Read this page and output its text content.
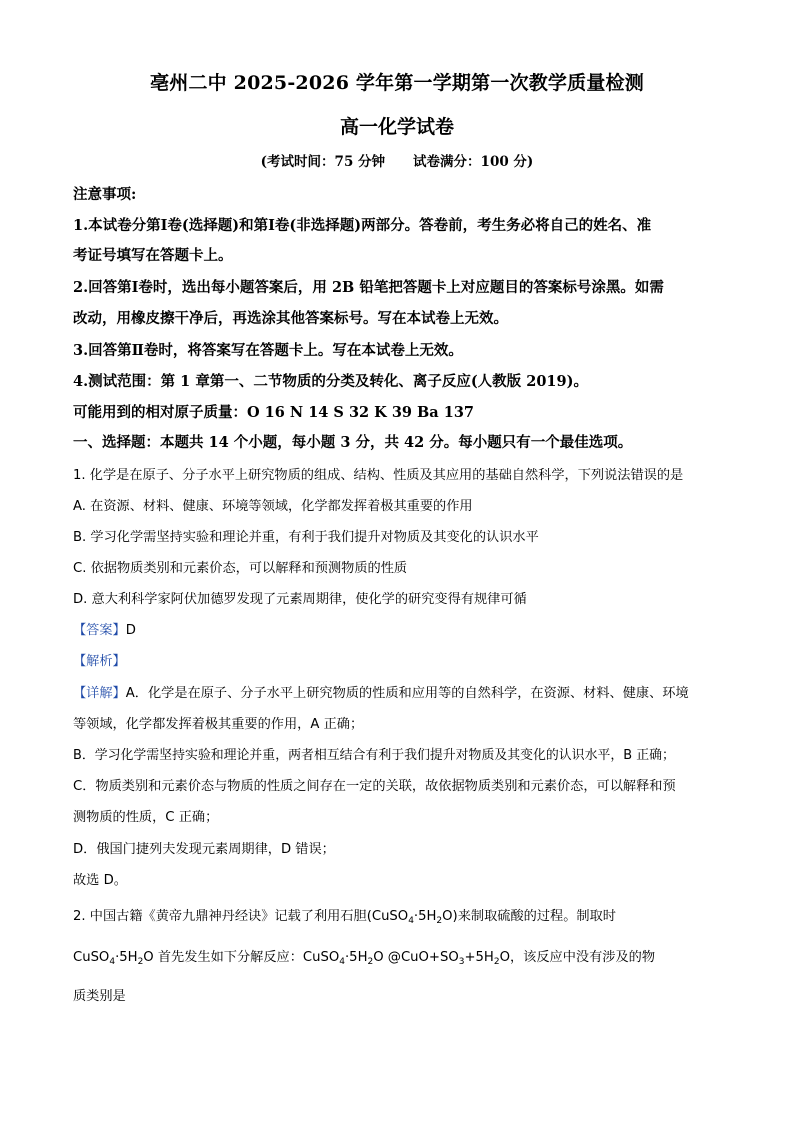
亳州二中 2025-2026 学年第一学期第一次教学质量检测
高一化学试卷
(考试时间：75 分钟 试卷满分：100 分)
注意事项:
1.本试卷分第Ⅰ卷(选择题)和第Ⅰ卷(非选择题)两部分。答卷前，考生务必将自己的姓名、准
考证号填写在答题卡上。
2.回答第Ⅰ卷时，选出每小题答案后，用 2B 铅笔把答题卡上对应题目的答案标号涂黑。如需
改动，用橡皮擦干净后，再选涂其他答案标号。写在本试卷上无效。
3.回答第Ⅱ卷时，将答案写在答题卡上。写在本试卷上无效。
4.测试范围：第 1 章第一、二节物质的分类及转化、离子反应(人教版 2019)。
可能用到的相对原子质量：O 16 N 14 S 32 K 39 Ba 137
一、选择题：本题共 14 个小题，每小题 3 分，共 42 分。每小题只有一个最佳选项。
1. 化学是在原子、分子水平上研究物质的组成、结构、性质及其应用的基础自然科学，下列说法错误的是
A. 在资源、材料、健康、环境等领域，化学都发挥着极其重要的作用
B. 学习化学需坚持实验和理论并重，有利于我们提升对物质及其变化的认识水平
C. 依据物质类别和元素价态，可以解释和预测物质的性质
D. 意大利科学家阿伏加德罗发现了元素周期律，使化学的研究变得有规律可循
【答案】D
【解析】
【详解】A．化学是在原子、分子水平上研究物质的性质和应用等的自然科学，在资源、材料、健康、环境
等领域，化学都发挥着极其重要的作用，A 正确；
B．学习化学需坚持实验和理论并重，两者相互结合有利于我们提升对物质及其变化的认识水平，B 正确；
C．物质类别和元素价态与物质的性质之间存在一定的关联，故依据物质类别和元素价态，可以解释和预
测物质的性质，C 正确；
D．俄国门捷列夫发现元素周期律，D 错误；
故选 D。
2. 中国古籍《黄帝九鼎神丹经诀》记载了利用石胆$(CuSO_4\cdot 5H_2O)$来制取硫酸的过程。制取时
$CuSO_4\cdot 5H_2O$ 首先发生如下分解反应：$CuSO_4\cdot 5H_2O$ $@CuO+SO_3+5H_2O$，该反应中没有涉及的物
质类别是
